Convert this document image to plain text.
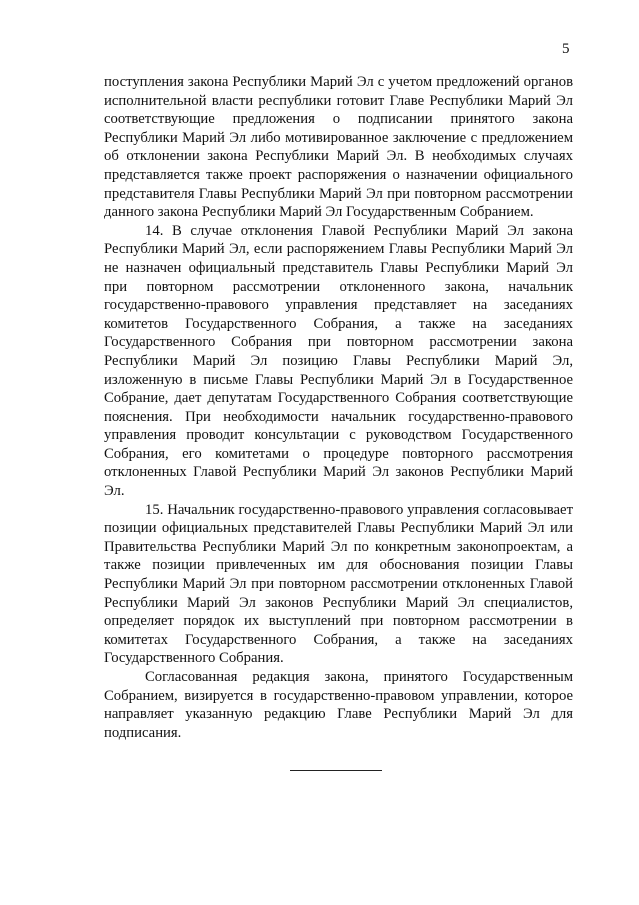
5

поступления закона Республики Марий Эл с учетом предложений органов исполнительной власти республики готовит Главе Республики Марий Эл соответствующие предложения о подписании принятого закона Республики Марий Эл либо мотивированное заключение с предложением об отклонении закона Республики Марий Эл. В необходимых случаях представляется также проект распоряжения о назначении официального представителя Главы Республики Марий Эл при повторном рассмотрении данного закона Республики Марий Эл Государственным Собранием.

14. В случае отклонения Главой Республики Марий Эл закона Республики Марий Эл, если распоряжением Главы Республики Марий Эл не назначен официальный представитель Главы Республики Марий Эл при повторном рассмотрении отклоненного закона, начальник государственно-правового управления представляет на заседаниях комитетов Государственного Собрания, а также на заседаниях Государственного Собрания при повторном рассмотрении закона Республики Марий Эл позицию Главы Республики Марий Эл, изложенную в письме Главы Республики Марий Эл в Государственное Собрание, дает депутатам Государственного Собрания соответствующие пояснения. При необходимости начальник государственно-правового управления проводит консультации с руководством Государственного Собрания, его комитетами о процедуре повторного рассмотрения отклоненных Главой Республики Марий Эл законов Республики Марий Эл.

15. Начальник государственно-правового управления согласовывает позиции официальных представителей Главы Республики Марий Эл или Правительства Республики Марий Эл по конкретным законопроектам, а также позиции привлеченных им для обоснования позиции Главы Республики Марий Эл при повторном рассмотрении отклоненных Главой Республики Марий Эл законов Республики Марий Эл специалистов, определяет порядок их выступлений при повторном рассмотрении в комитетах Государственного Собрания, а также на заседаниях Государственного Собрания.

Согласованная редакция закона, принятого Государственным Собранием, визируется в государственно-правовом управлении, которое направляет указанную редакцию Главе Республики Марий Эл для подписания.
